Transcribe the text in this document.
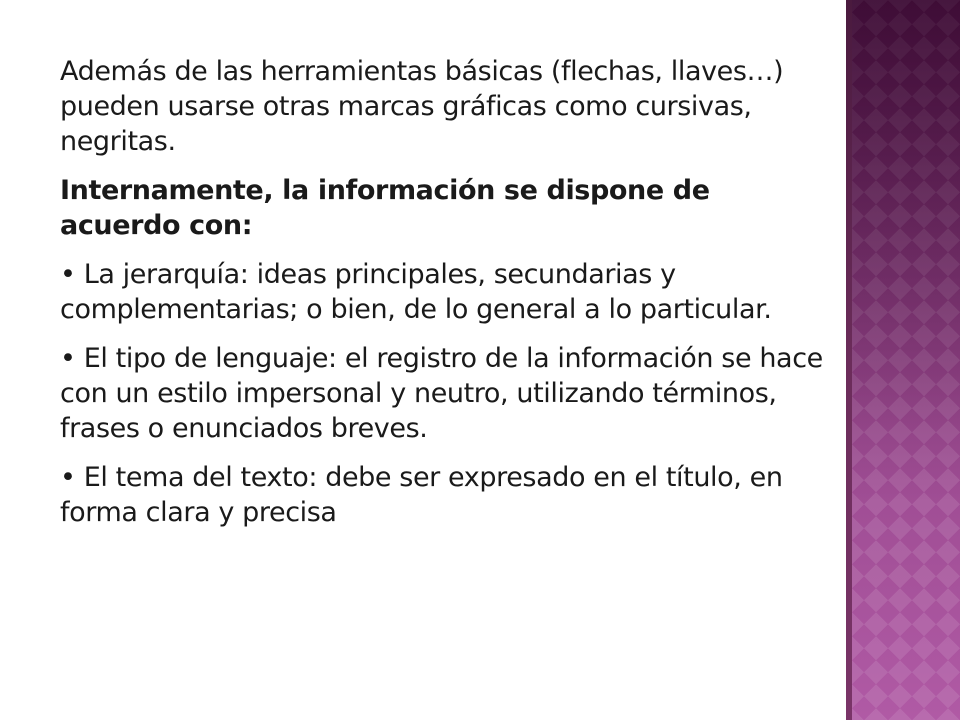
Además de las herramientas básicas (flechas, llaves…) pueden usarse otras marcas gráficas como cursivas, negritas.

Internamente, la información se dispone de acuerdo con:

• La jerarquía: ideas principales, secundarias y complementarias; o bien, de lo general a lo particular.

• El tipo de lenguaje: el registro de la información se hace con un estilo impersonal y neutro, utilizando términos, frases o enunciados breves.

• El tema del texto: debe ser expresado en el título, en forma clara y precisa
